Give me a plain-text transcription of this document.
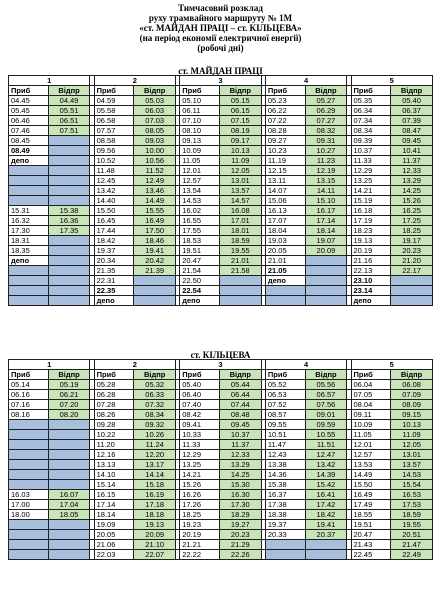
Тимчасовий розклад
руху трамвайного маршруту № 1М
«ст. МАЙДАН ПРАЦІ – ст. КІЛЬЦЕВА»
(на період економії електричної енергії)
(робочі дні)
ст. МАЙДАН ПРАЦІ
1			2			3			4			5	
Приб	Відпр		Приб	Відпр		Приб	Відпр		Приб	Відпр		Приб	Відпр
04.45	04.49		04.59	05.03		05.10	05.15		05.23	05.27		05.35	05.40
05.45	05.51		05.58	06.03		06.11	06.15		06.22	06.29		06.34	06.37
06.46	06.51		06.58	07.03		07.10	07.15		07.22	07.27		07.34	07.39
07.46	07.51		07.57	08.05		08.10	08.19		08.28	08.32		08.34	08.47
08.45			08.58	09.03		09.13	09.17		09.27	09.31		09.39	09.45
08.49			09.56	10.00		10.09	10.13		10.23	10.27		10.37	10.41
депо			10.52	10.56		11.05	11.09		11.19	11.23		11.33	11.37
			11.48	11.52		12.01	12.05		12.15	12.19		12.29	12.33
			12.45	12.49		12.57	13.01		13.11	13.15		13.25	13.29
			13.42	13.46		13.54	13.57		14.07	14.11		14.21	14.25
			14.40	14.49		14.53	14.57		15.06	15.10		15.19	15.26
15.31	15.38		15.50	15.55		16.02	16.08		16.13	16.17		16.18	16.25
16.32	16.36		16.45	16.49		16.55	17.01		17.07	17.14		17.19	17.25
17.30	17.35		17.44	17.50		17.55	18.01		18.04	18.14		18.23	18.25
18.31			18.42	18.46		18.53	18.59		19.03	19.07		19.13	19.17
18.35			19.37	19.41		19.51	19.55		20.05	20.09		20.19	20.23
депо			20.34	20.42		20.47	21.01		21.01			21.16	21.20
			21.35	21.39		21.54	21.58		21.05			22.13	22.17
			22.31			22.50			депо			23.10	
			22.35			22.54						23.14	
			депо			депо						депо	
ст. КІЛЬЦЕВА
1			2			3			4			5	
Приб	Відпр		Приб	Відпр		Приб	Відпр		Приб	Відпр		Приб	Відпр
05.14	05.19		05.28	05.32		05.40	05.44		05.52	05.56		06.04	06.08
06.16	06.21		06.28	06.33		06.40	06.44		06.53	06.57		07.05	07.09
07.16	07.20		07.28	07.32		07.40	07.44		07.52	07.56		08.04	08.09
08.16	08.20		08.26	08.34		08.42	08.48		08.57	09.01		09.11	09.15
			09.28	09.32		09.41	09.45		09.55	09.59		10.09	10.13
			10.22	10.26		10.33	10.37		10.51	10.55		11.05	11.09
			11.20	11.24		11.33	11.37		11.47	11.51		12.01	12.05
			12.16	12.20		12.29	12.33		12.43	12.47		12.57	13.01
			13.13	13.17		13.25	13.29		13.38	13.42		13.53	13.57
			14.10	14.14		14.21	14.25		14.36	14.39		14.49	14.53
			15.14	15.18		15.26	15.30		15.38	15.42		15.50	15.54
16.03	16.07		16.15	16.19		16.26	16.30		16.37	16.41		16.49	16.53
17.00	17.04		17.14	17.18		17.26	17.30		17.38	17.42		17.49	17.53
18.00	18.05		18.14	18.18		18.25	18.29		18.38	18.42		18.55	18.59
			19.09	19.13		19.23	19.27		19.37	19.41		19.51	19.55
			20.05	20.09		20.19	20.23		20.33	20.37		20.47	20.51
			21.06	21.10		21.21	21.29					21.43	21.47
			22.03	22.07		22.22	22.26					22.45	22.49
